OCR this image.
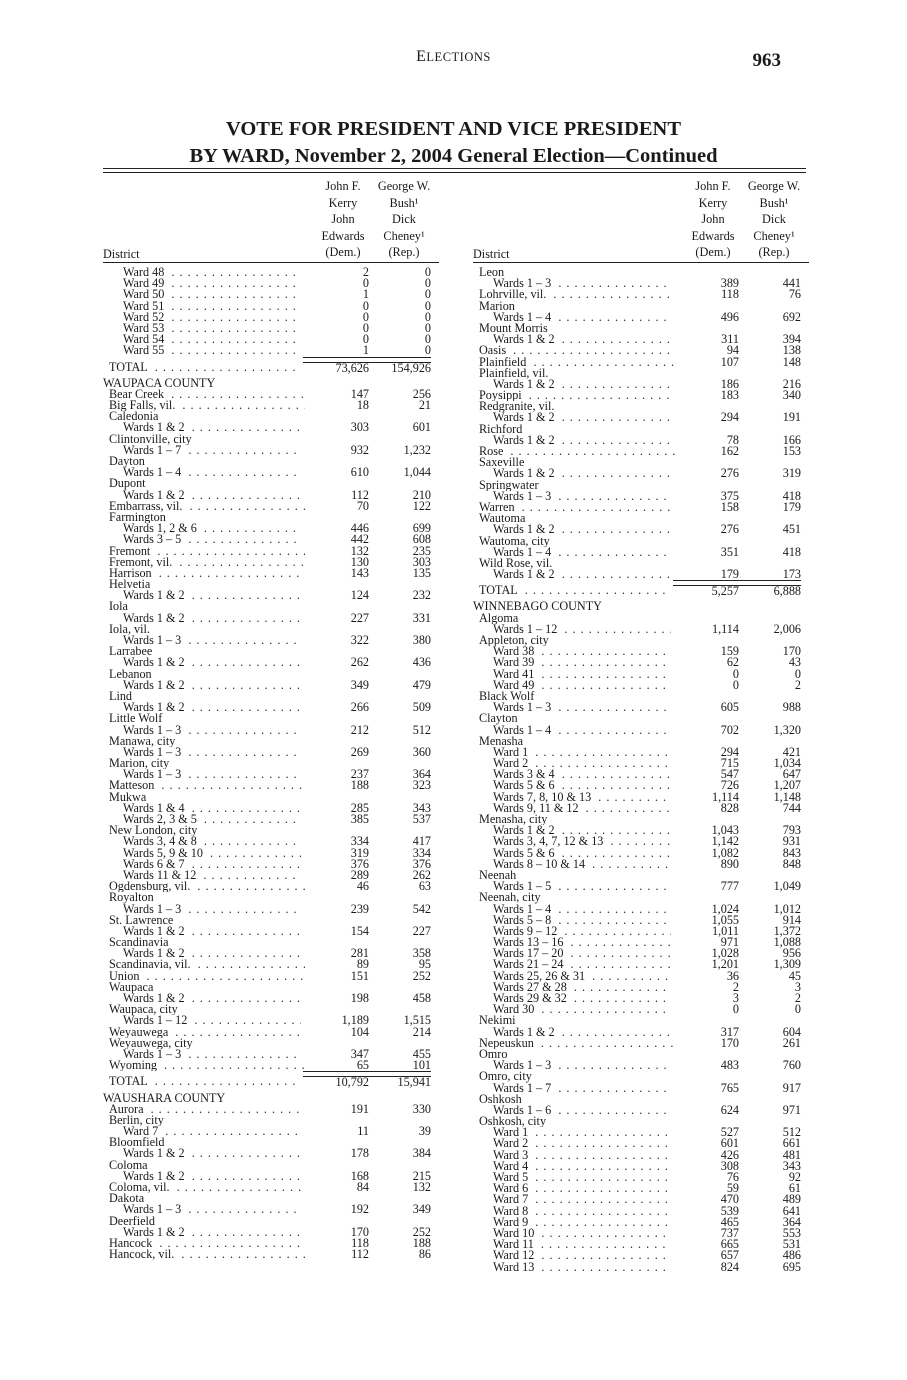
ELECTIONS	963
VOTE FOR PRESIDENT AND VICE PRESIDENT
BY WARD, November 2, 2004 General Election—Continued
John F.
Kerry
John
Edwards
(Dem.)
George W.
Bush¹
Dick
Cheney¹
(Rep.)
District
Ward 48 . . .	2	0
Ward 49 . . .	0	0
Ward 50 . . .	1	0
Ward 51 . . .	0	0
Ward 52 . . .	0	0
Ward 53 . . .	0	0
Ward 54 . . .	0	0
Ward 55 . . .	1	0
TOTAL . . .	73,626	154,926
WAUPACA COUNTY
Bear Creek . . .	147	256
Big Falls, vil. . . .	18	21
Caledonia
Wards 1 & 2 . . .	303	601
Clintonville, city
Wards 1 – 7 . . .	932	1,232
Dayton
Wards 1 – 4 . . .	610	1,044
Dupont
Wards 1 & 2 . . .	112	210
Embarrass, vil. . . .	70	122
Farmington
Wards 1, 2 & 6 . . .	446	699
Wards 3 – 5 . . .	442	608
Fremont . . .	132	235
Fremont, vil. . . .	130	303
Harrison . . .	143	135
Helvetia
Wards 1 & 2 . . .	124	232
Iola
Wards 1 & 2 . . .	227	331
Iola, vil.
Wards 1 – 3 . . .	322	380
Larrabee
Wards 1 & 2 . . .	262	436
Lebanon
Wards 1 & 2 . . .	349	479
Lind
Wards 1 & 2 . . .	266	509
Little Wolf
Wards 1 – 3 . . .	212	512
Manawa, city
Wards 1 – 3 . . .	269	360
Marion, city
Wards 1 – 3 . . .	237	364
Matteson . . .	188	323
Mukwa
Wards 1 & 4 . . .	285	343
Wards 2, 3 & 5 . . .	385	537
New London, city
Wards 3, 4 & 8 . . .	334	417
Wards 5, 9 & 10 . . .	319	334
Wards 6 & 7 . . .	376	376
Wards 11 & 12 . . .	289	262
Ogdensburg, vil. . . .	46	63
Royalton
Wards 1 – 3 . . .	239	542
St. Lawrence
Wards 1 & 2 . . .	154	227
Scandinavia
Wards 1 & 2 . . .	281	358
Scandinavia, vil. . . .	89	95
Union . . .	151	252
Waupaca
Wards 1 & 2 . . .	198	458
Waupaca, city
Wards 1 – 12 . . .	1,189	1,515
Weyauwega . . .	104	214
Weyauwega, city
Wards 1 – 3 . . .	347	455
Wyoming . . .	65	101
TOTAL . . .	10,792	15,941
WAUSHARA COUNTY
Aurora . . .	191	330
Berlin, city
Ward 7 . . .	11	39
Bloomfield
Wards 1 & 2 . . .	178	384
Coloma
Wards 1 & 2 . . .	168	215
Coloma, vil. . . .	84	132
Dakota
Wards 1 – 3 . . .	192	349
Deerfield
Wards 1 & 2 . . .	170	252
Hancock . . .	118	188
Hancock, vil. . . .	112	86
John F.
Kerry
John
Edwards
(Dem.)
George W.
Bush¹
Dick
Cheney¹
(Rep.)
District
Leon
Wards 1 – 3 . . .	389	441
Lohrville, vil. . . .	118	76
Marion
Wards 1 – 4 . . .	496	692
Mount Morris
Wards 1 & 2 . . .	311	394
Oasis . . .	94	138
Plainfield . . .	107	148
Plainfield, vil.
Wards 1 & 2 . . .	186	216
Poysippi . . .	183	340
Redgranite, vil.
Wards 1 & 2 . . .	294	191
Richford
Wards 1 & 2 . . .	78	166
Rose . . .	162	153
Saxeville
Wards 1 & 2 . . .	276	319
Springwater
Wards 1 – 3 . . .	375	418
Warren . . .	158	179
Wautoma
Wards 1 & 2 . . .	276	451
Wautoma, city
Wards 1 – 4 . . .	351	418
Wild Rose, vil.
Wards 1 & 2 . . .	179	173
TOTAL . . .	5,257	6,888
WINNEBAGO COUNTY
Algoma
Wards 1 – 12 . . .	1,114	2,006
Appleton, city
Ward 38 . . .	159	170
Ward 39 . . .	62	43
Ward 41 . . .	0	0
Ward 49 . . .	0	2
Black Wolf
Wards 1 – 3 . . .	605	988
Clayton
Wards 1 – 4 . . .	702	1,320
Menasha
Ward 1 . . .	294	421
Ward 2 . . .	715	1,034
Wards 3 & 4 . . .	547	647
Wards 5 & 6 . . .	726	1,207
Wards 7, 8, 10 & 13 . . .	1,114	1,148
Wards 9, 11 & 12 . . .	828	744
Menasha, city
Wards 1 & 2 . . .	1,043	793
Wards 3, 4, 7, 12 & 13 . . .	1,142	931
Wards 5 & 6 . . .	1,082	843
Wards 8 – 10 & 14 . . .	890	848
Neenah
Wards 1 – 5 . . .	777	1,049
Neenah, city
Wards 1 – 4 . . .	1,024	1,012
Wards 5 – 8 . . .	1,055	914
Wards 9 – 12 . . .	1,011	1,372
Wards 13 – 16 . . .	971	1,088
Wards 17 – 20 . . .	1,028	956
Wards 21 – 24 . . .	1,201	1,309
Wards 25, 26 & 31 . . .	36	45
Wards 27 & 28 . . .	2	3
Wards 29 & 32 . . .	3	2
Ward 30 . . .	0	0
Nekimi
Wards 1 & 2 . . .	317	604
Nepeuskun . . .	170	261
Omro
Wards 1 – 3 . . .	483	760
Omro, city
Wards 1 – 7 . . .	765	917
Oshkosh
Wards 1 – 6 . . .	624	971
Oshkosh, city
Ward 1 . . .	527	512
Ward 2 . . .	601	661
Ward 3 . . .	426	481
Ward 4 . . .	308	343
Ward 5 . . .	76	92
Ward 6 . . .	59	61
Ward 7 . . .	470	489
Ward 8 . . .	539	641
Ward 9 . . .	465	364
Ward 10 . . .	737	553
Ward 11 . . .	665	531
Ward 12 . . .	657	486
Ward 13 . . .	824	695
